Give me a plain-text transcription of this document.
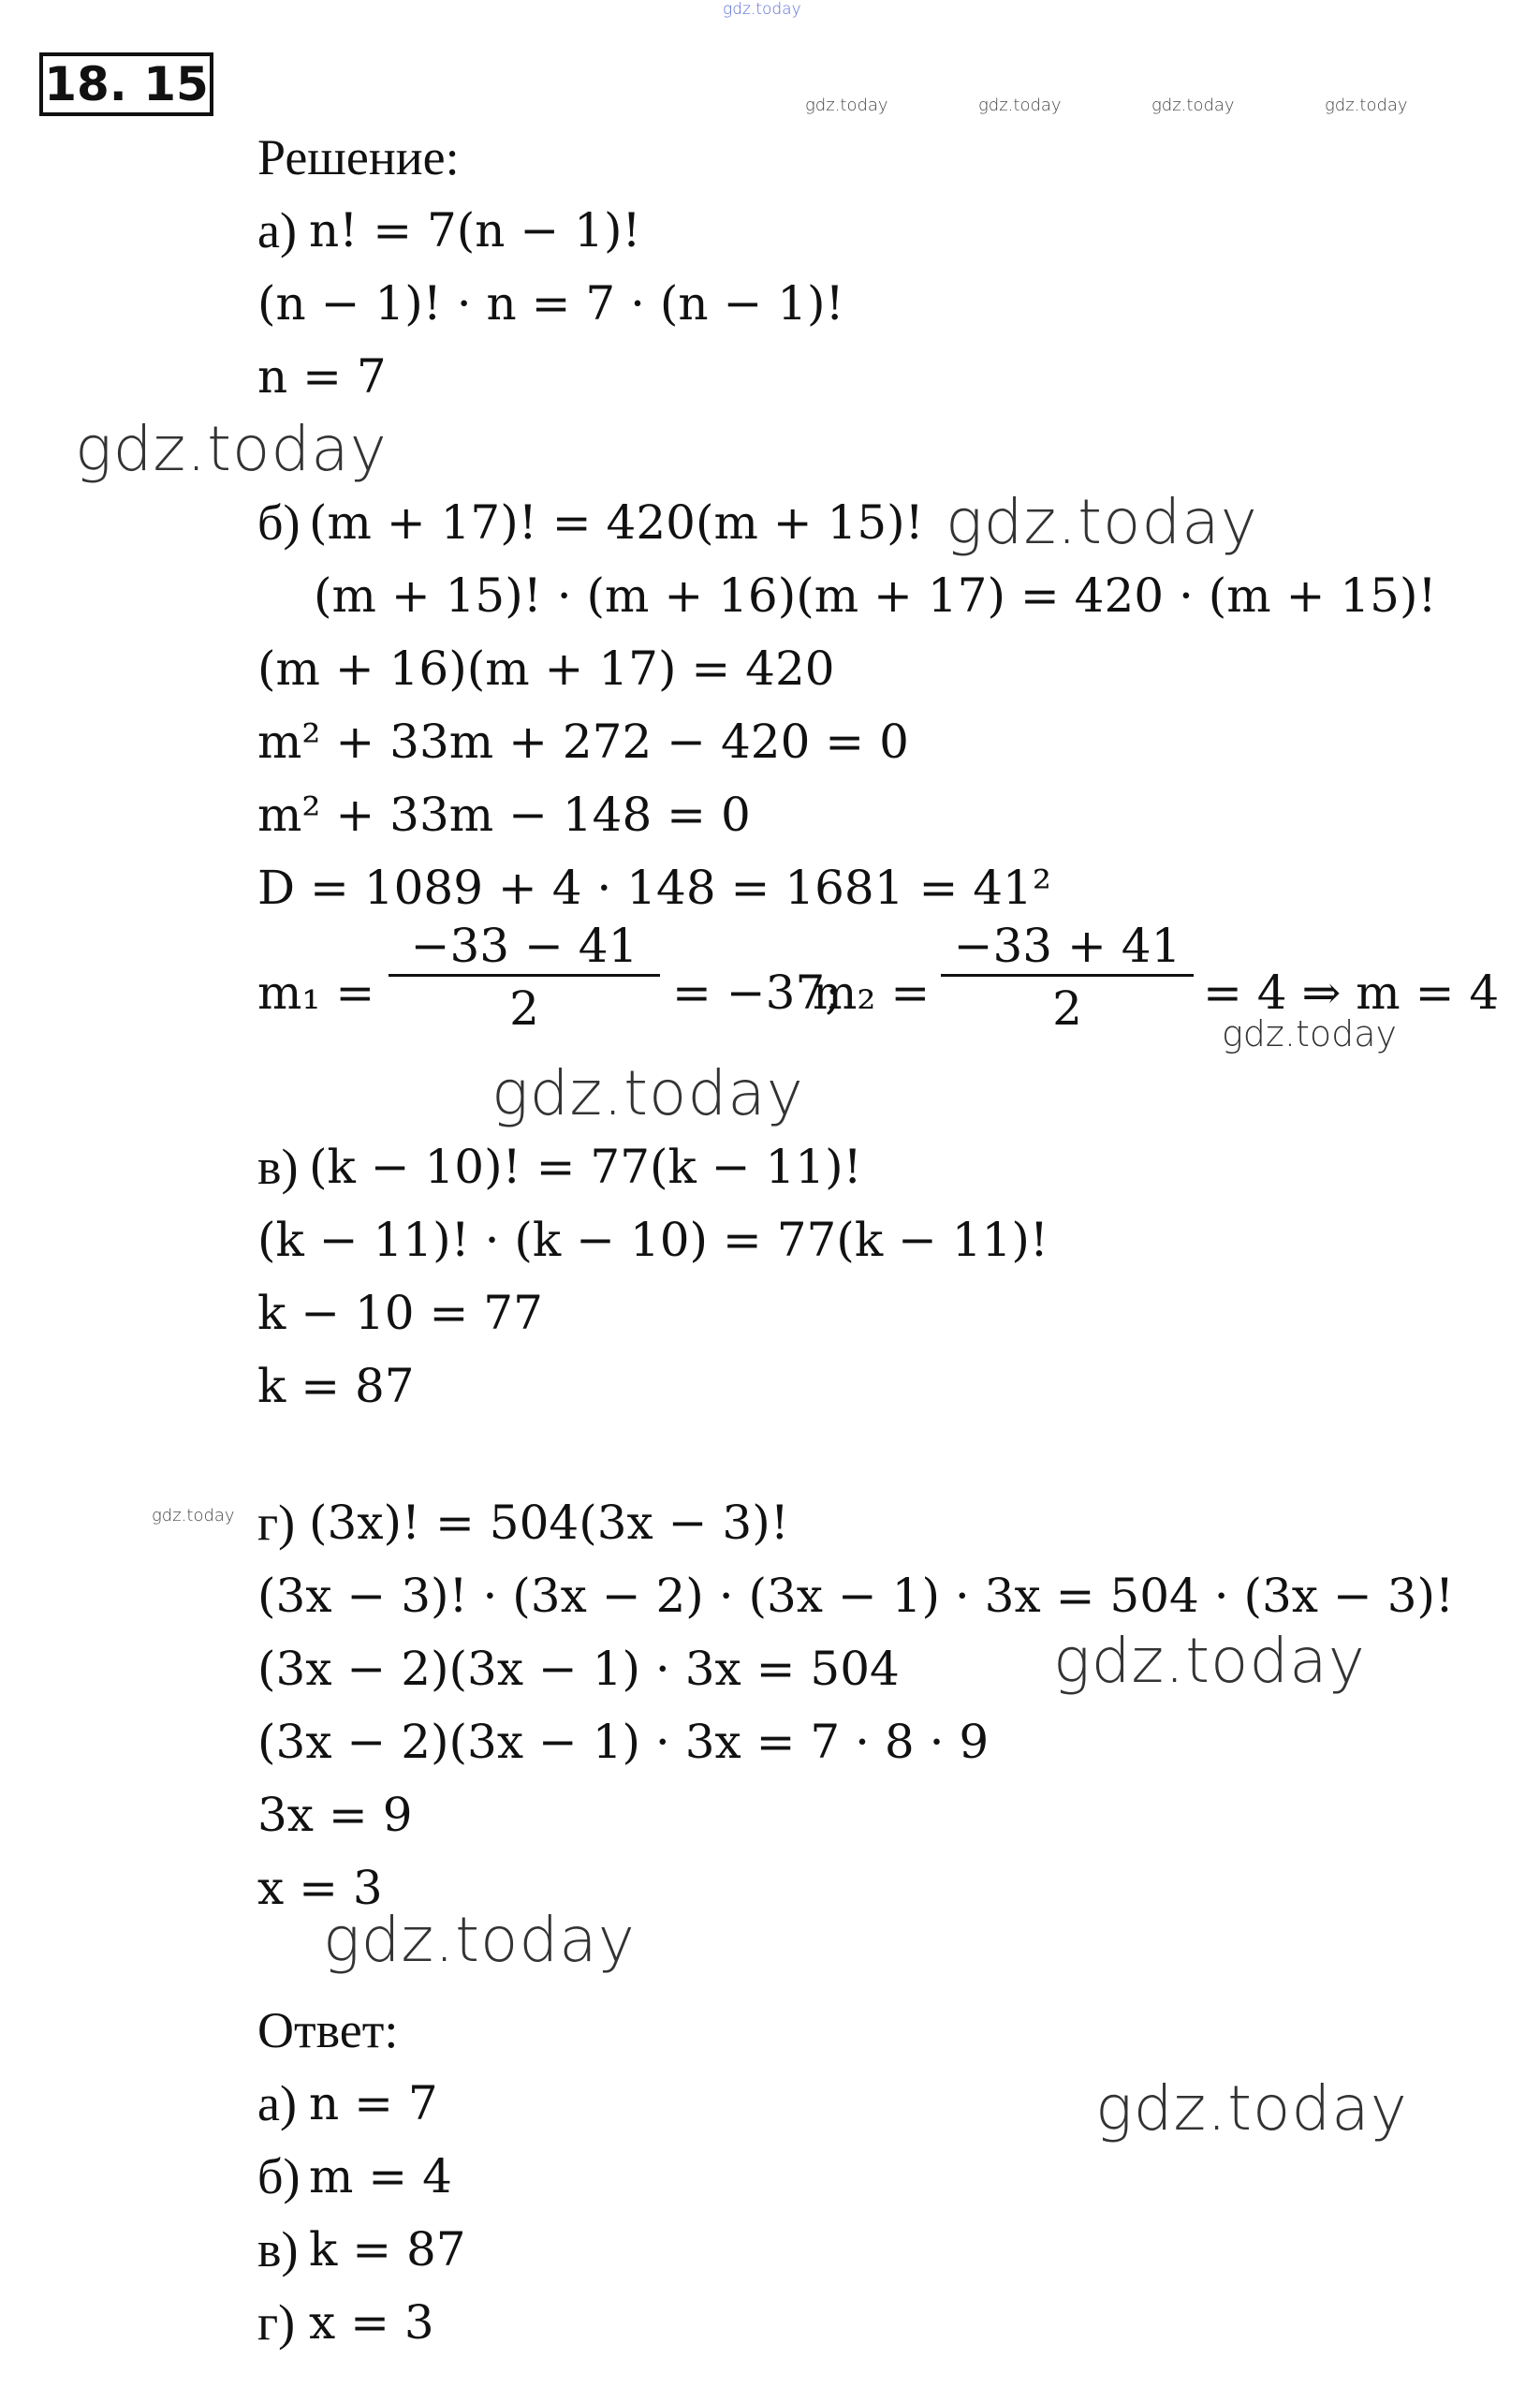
gdz.today
18. 15	gdz.today	gdz.today	gdz.today	gdz.today
Решение:
а) n! = 7(n − 1)!
(n − 1)! · n = 7 · (n − 1)!
n = 7
gdz.today
б) (m + 17)! = 420(m + 15)! gdz.today
(m + 15)! · (m + 16)(m + 17) = 420 · (m + 15)!
(m + 16)(m + 17) = 420
m² + 33m + 272 − 420 = 0
m² + 33m − 148 = 0
D = 1089 + 4 · 148 = 1681 = 41²
m₁ =
−33 − 41
2	= −37;
m₂ =
−33 + 41
2	= 4 ⇒ m = 4
gdz.today
gdz.today
в) (k − 10)! = 77(k − 11)!
(k − 11)! · (k − 10) = 77(k − 11)!
k − 10 = 77
k = 87
gdz.today г) (3x)! = 504(3x − 3)!
(3x − 3)! · (3x − 2) · (3x − 1) · 3x = 504 · (3x − 3)!
(3x − 2)(3x − 1) · 3x = 504 gdz.today
(3x − 2)(3x − 1) · 3x = 7 · 8 · 9
3x = 9
x = 3
gdz.today
Ответ:
а) n = 7	gdz.today
б) m = 4
в) k = 87
г) x = 3
